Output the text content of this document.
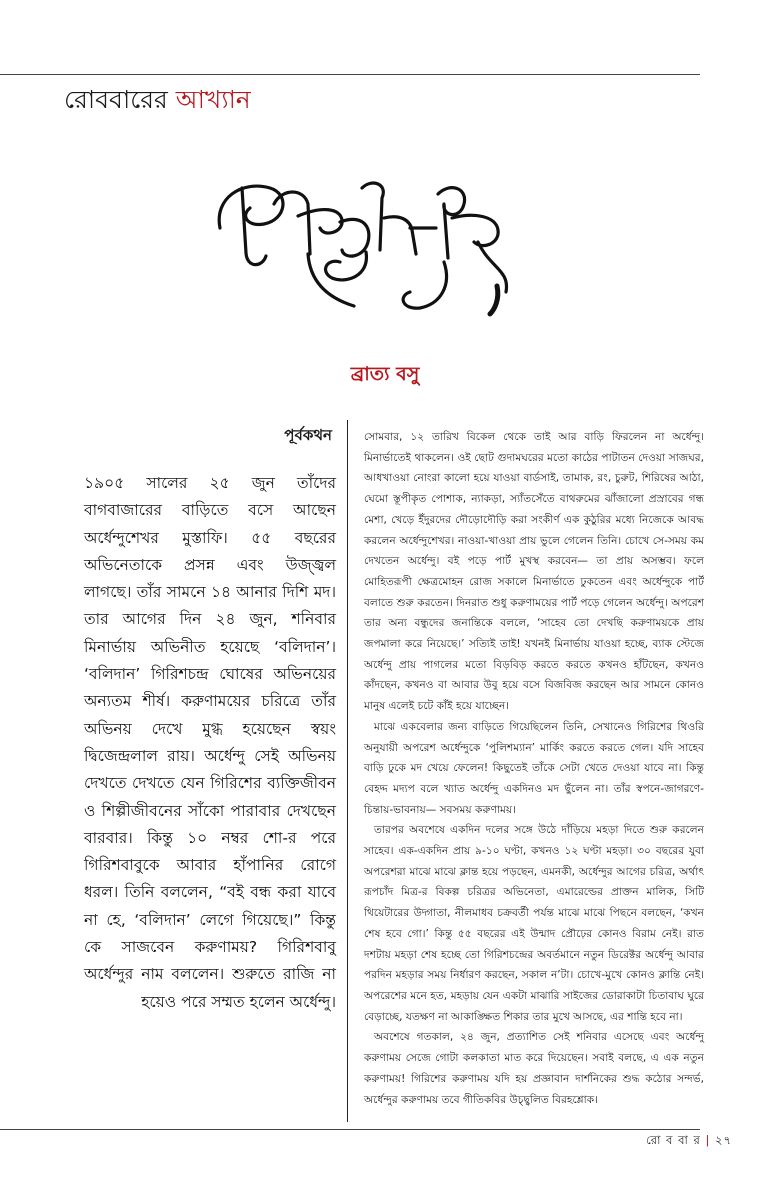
রোববারের আখ্যান
ব্রাত্য বসু
পূর্বকথন
১৯০৫ সালের ২৫ জুন তাঁদের বাগবাজারের বাড়িতে বসে আছেন অর্ধেন্দুশেখর মুস্তাফি। ৫৫ বছরের অভিনেতাকে প্রসন্ন এবং উজ্জ্বল লাগছে। তাঁর সামনে ১৪ আনার দিশি মদ। তার আগের দিন ২৪ জুন, শনিবার মিনার্ভায় অভিনীত হয়েছে ‘বলিদান’। ‘বলিদান’ গিরিশচন্দ্র ঘোষের অভিনয়ের অন্যতম শীর্ষ। করুণাময়ের চরিত্রে তাঁর অভিনয় দেখে মুগ্ধ হয়েছেন স্বয়ং দ্বিজেন্দ্রলাল রায়। অর্ধেন্দু সেই অভিনয় দেখতে দেখতে যেন গিরিশের ব্যক্তিজীবন ও শিল্পীজীবনের সাঁকো পারাবার দেখছেন বারবার। কিন্তু ১০ নম্বর শো-র পরে গিরিশবাবুকে আবার হাঁপানির রোগে ধরল। তিনি বললেন, “বই বন্ধ করা যাবে না হে, ‘বলিদান’ লেগে গিয়েছে।” কিন্তু কে সাজবেন করুণাময়? গিরিশবাবু অর্ধেন্দুর নাম বললেন। শুরুতে রাজি না হয়েও পরে সম্মত হলেন অর্ধেন্দু।

সোমবার, ১২ তারিখ বিকেল থেকে তাই আর বাড়ি ফিরলেন না অর্ধেন্দু। মিনার্ভাতেই থাকলেন। ওই ছোট গুদামঘরের মতো কাঠের পাটাতন দেওয়া সাজঘর, আধখাওয়া নোংরা কালো হয়ে যাওয়া বার্ডসাই, তামাক, রং, চুরুট, শিরিষের আঠা, ঘেমো স্তূপীকৃত পোশাক, ন্যাকড়া, স্যাঁতসেঁতে বাথরুমের ঝাঁজালো প্রস্রাবের গন্ধ মেশা, খেড়ে ইঁদুরদের দৌড়োদৌড়ি করা সংকীর্ণ এক কুঠুরির মধ্যে নিজেকে আবদ্ধ করলেন অর্ধেন্দুশেখর। নাওয়া-খাওয়া প্রায় ভুলে গেলেন তিনি। চোখে সে-সময় কম দেখতেন অর্ধেন্দু। বই পড়ে পার্ট মুখস্থ করবেন— তা প্রায় অসম্ভব। ফলে মোহিতরূপী ক্ষেত্রমোহন রোজ সকালে মিনার্ভাতে ঢুকতেন এবং অর্ধেন্দুকে পার্ট বলাতে শুরু করতেন। দিনরাত শুধু করুণাময়ের পার্ট পড়ে গেলেন অর্ধেন্দু। অপরেশ তার অন্য বন্ধুদের জনান্তিকে বললে, ‘সাহেব তো দেখছি করুণাময়কে প্রায় জপমালা করে নিয়েছে।’ সত্যিই তাই! যখনই মিনার্ভায় যাওয়া হচ্ছে, ব্যাক স্টেজে অর্ধেন্দু প্রায় পাগলের মতো বিড়বিড় করতে করতে কখনও হাঁটছেন, কখনও কাঁদছেন, কখনও বা আবার উবু হয়ে বসে বিজবিজ করছেন আর সামনে কোনও মানুষ এলেই চটে কাঁই হয়ে যাচ্ছেন।

মাঝে একবেলার জন্য বাড়িতে গিয়েছিলেন তিনি, সেখানেও গিরিশের থিওরি অনুযায়ী অপরেশ অর্ধেন্দুকে ‘পুলিশম্যান’ মার্কিং করতে করতে গেল। যদি সাহেব বাড়ি ঢুকে মদ খেয়ে ফেলেন! কিছুতেই তাঁকে সেটা খেতে দেওয়া যাবে না। কিন্তু বেহদ্দ মদ্যপ বলে খ্যাত অর্ধেন্দু একদিনও মদ ছুঁলেন না। তাঁর স্বপনে-জাগরণে-চিন্তায়-ভাবনায়— সবসময় করুণাময়।

তারপর অবশেষে একদিন দলের সঙ্গে উঠে দাঁড়িয়ে মহড়া দিতে শুরু করলেন সাহেব। এক-একদিন প্রায় ৯-১০ ঘণ্টা, কখনও ১২ ঘণ্টা মহড়া। ৩০ বছরের যুবা অপরেশরা মাঝে মাঝে ক্লান্ত হয়ে পড়ছেন, এমনকী, অর্ধেন্দুর আগের চরিত্র, অর্থাৎ রূপচাঁদ মিত্র-র বিকল্প চরিত্রর অভিনেতা, এমারেল্ডের প্রাক্তন মালিক, সিটি থিয়েটারের উদ্গাতা, নীলমাধব চক্রবর্তী পর্যন্ত মাঝে মাঝে পিছনে বলছেন, ‘কখন শেষ হবে গো।’ কিন্তু ৫৫ বছরের এই উন্মাদ প্রৌঢ়ের কোনও বিরাম নেই। রাত দশটায় মহড়া শেষ হচ্ছে তো গিরিশচন্দ্রের অবর্তমানে নতুন ডিরেক্টর অর্ধেন্দু আবার পরদিন মহড়ার সময় নির্ধারণ করছেন, সকাল ন’টা। চোখে-মুখে কোনও ক্লান্তি নেই। অপরেশের মনে হত, মহড়ায় যেন একটা মাঝারি সাইজের ডোরাকাটা চিতাবাঘ ঘুরে বেড়াচ্ছে, যতক্ষণ না আকাঙ্ক্ষিত শিকার তার মুখে আসছে, এর শান্তি হবে না।

অবশেষে গতকাল, ২৪ জুন, প্রত্যাশিত সেই শনিবার এসেছে এবং অর্ধেন্দু করুণাময় সেজে গোটা কলকাতা মাত করে দিয়েছেন। সবাই বলছে, এ এক নতুন করুণাময়! গিরিশের করুণাময় যদি হয় প্রজ্ঞাবান দার্শনিকের শুদ্ধ কঠোর সন্দর্ভ, অর্ধেন্দুর করুণাময় তবে গীতিকবির উচ্ছ্বলিত বিরহশ্লোক।

রো ব বা র | ২৭
